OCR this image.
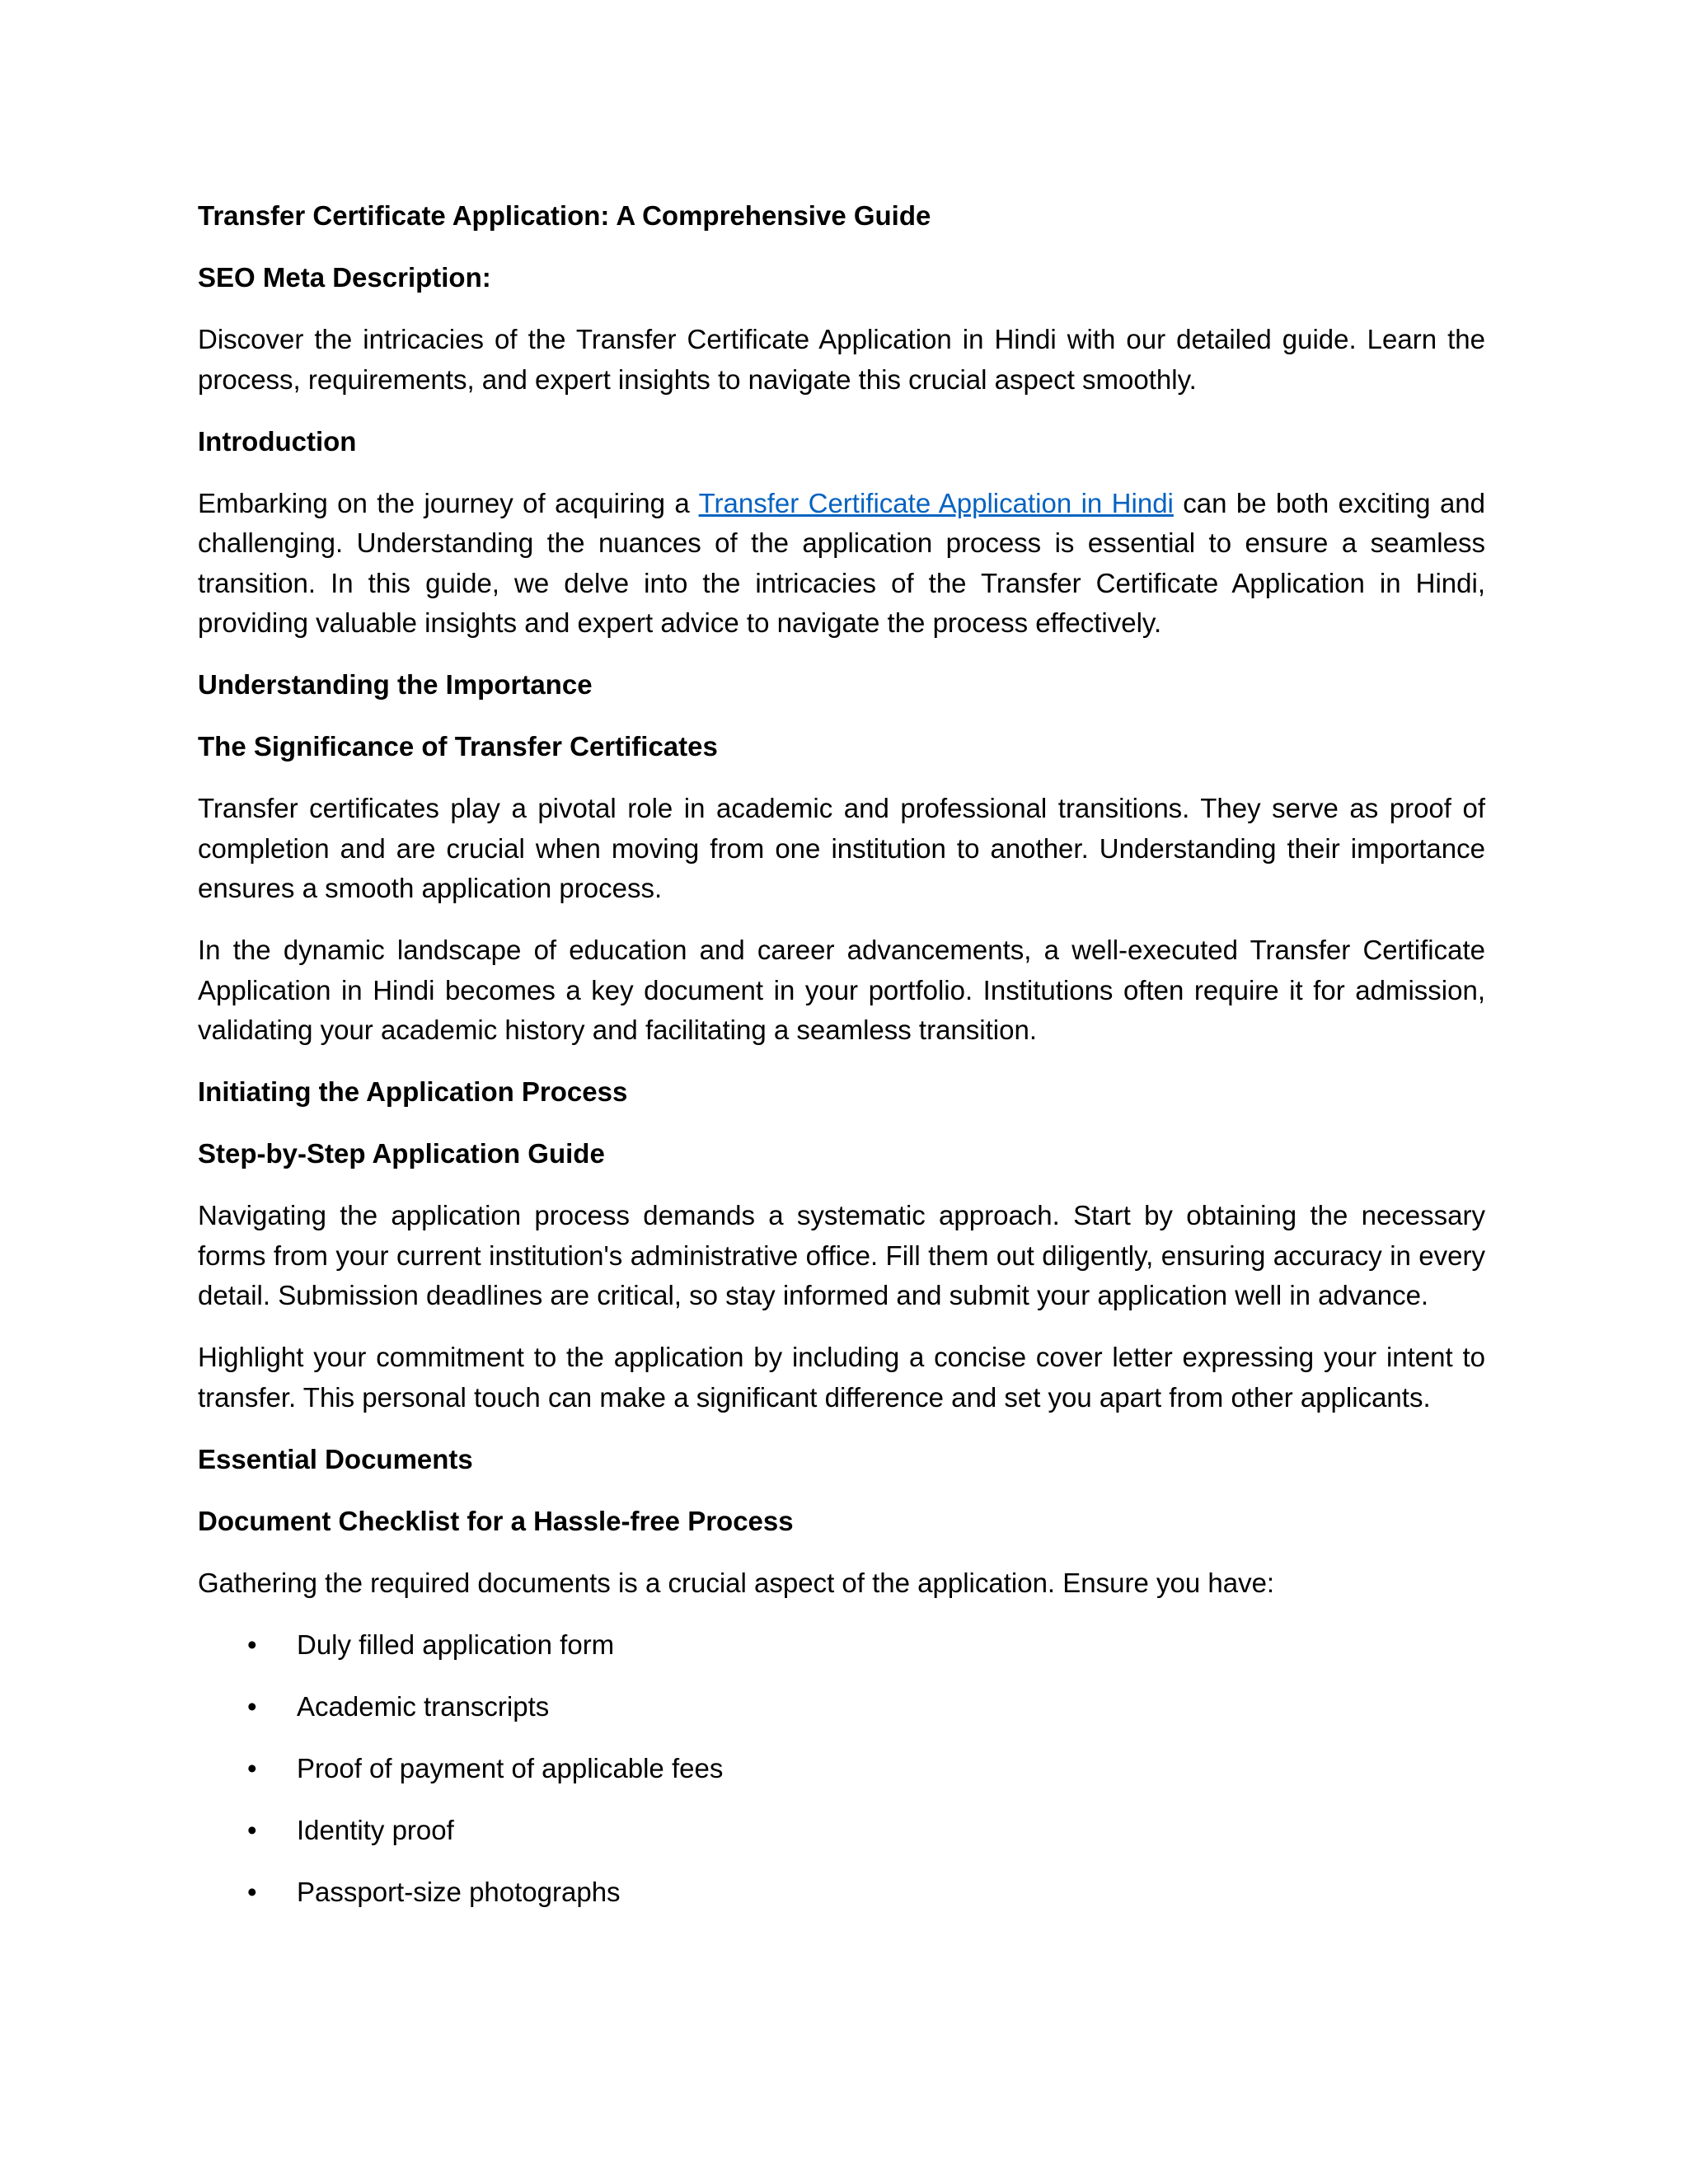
Transfer Certificate Application: A Comprehensive Guide

SEO Meta Description:

Discover the intricacies of the Transfer Certificate Application in Hindi with our detailed guide. Learn the process, requirements, and expert insights to navigate this crucial aspect smoothly.

Introduction

Embarking on the journey of acquiring a Transfer Certificate Application in Hindi can be both exciting and challenging. Understanding the nuances of the application process is essential to ensure a seamless transition. In this guide, we delve into the intricacies of the Transfer Certificate Application in Hindi, providing valuable insights and expert advice to navigate the process effectively.

Understanding the Importance

The Significance of Transfer Certificates

Transfer certificates play a pivotal role in academic and professional transitions. They serve as proof of completion and are crucial when moving from one institution to another. Understanding their importance ensures a smooth application process.

In the dynamic landscape of education and career advancements, a well-executed Transfer Certificate Application in Hindi becomes a key document in your portfolio. Institutions often require it for admission, validating your academic history and facilitating a seamless transition.

Initiating the Application Process

Step-by-Step Application Guide

Navigating the application process demands a systematic approach. Start by obtaining the necessary forms from your current institution's administrative office. Fill them out diligently, ensuring accuracy in every detail. Submission deadlines are critical, so stay informed and submit your application well in advance.

Highlight your commitment to the application by including a concise cover letter expressing your intent to transfer. This personal touch can make a significant difference and set you apart from other applicants.

Essential Documents

Document Checklist for a Hassle-free Process

Gathering the required documents is a crucial aspect of the application. Ensure you have:

• Duly filled application form
• Academic transcripts
• Proof of payment of applicable fees
• Identity proof
• Passport-size photographs
